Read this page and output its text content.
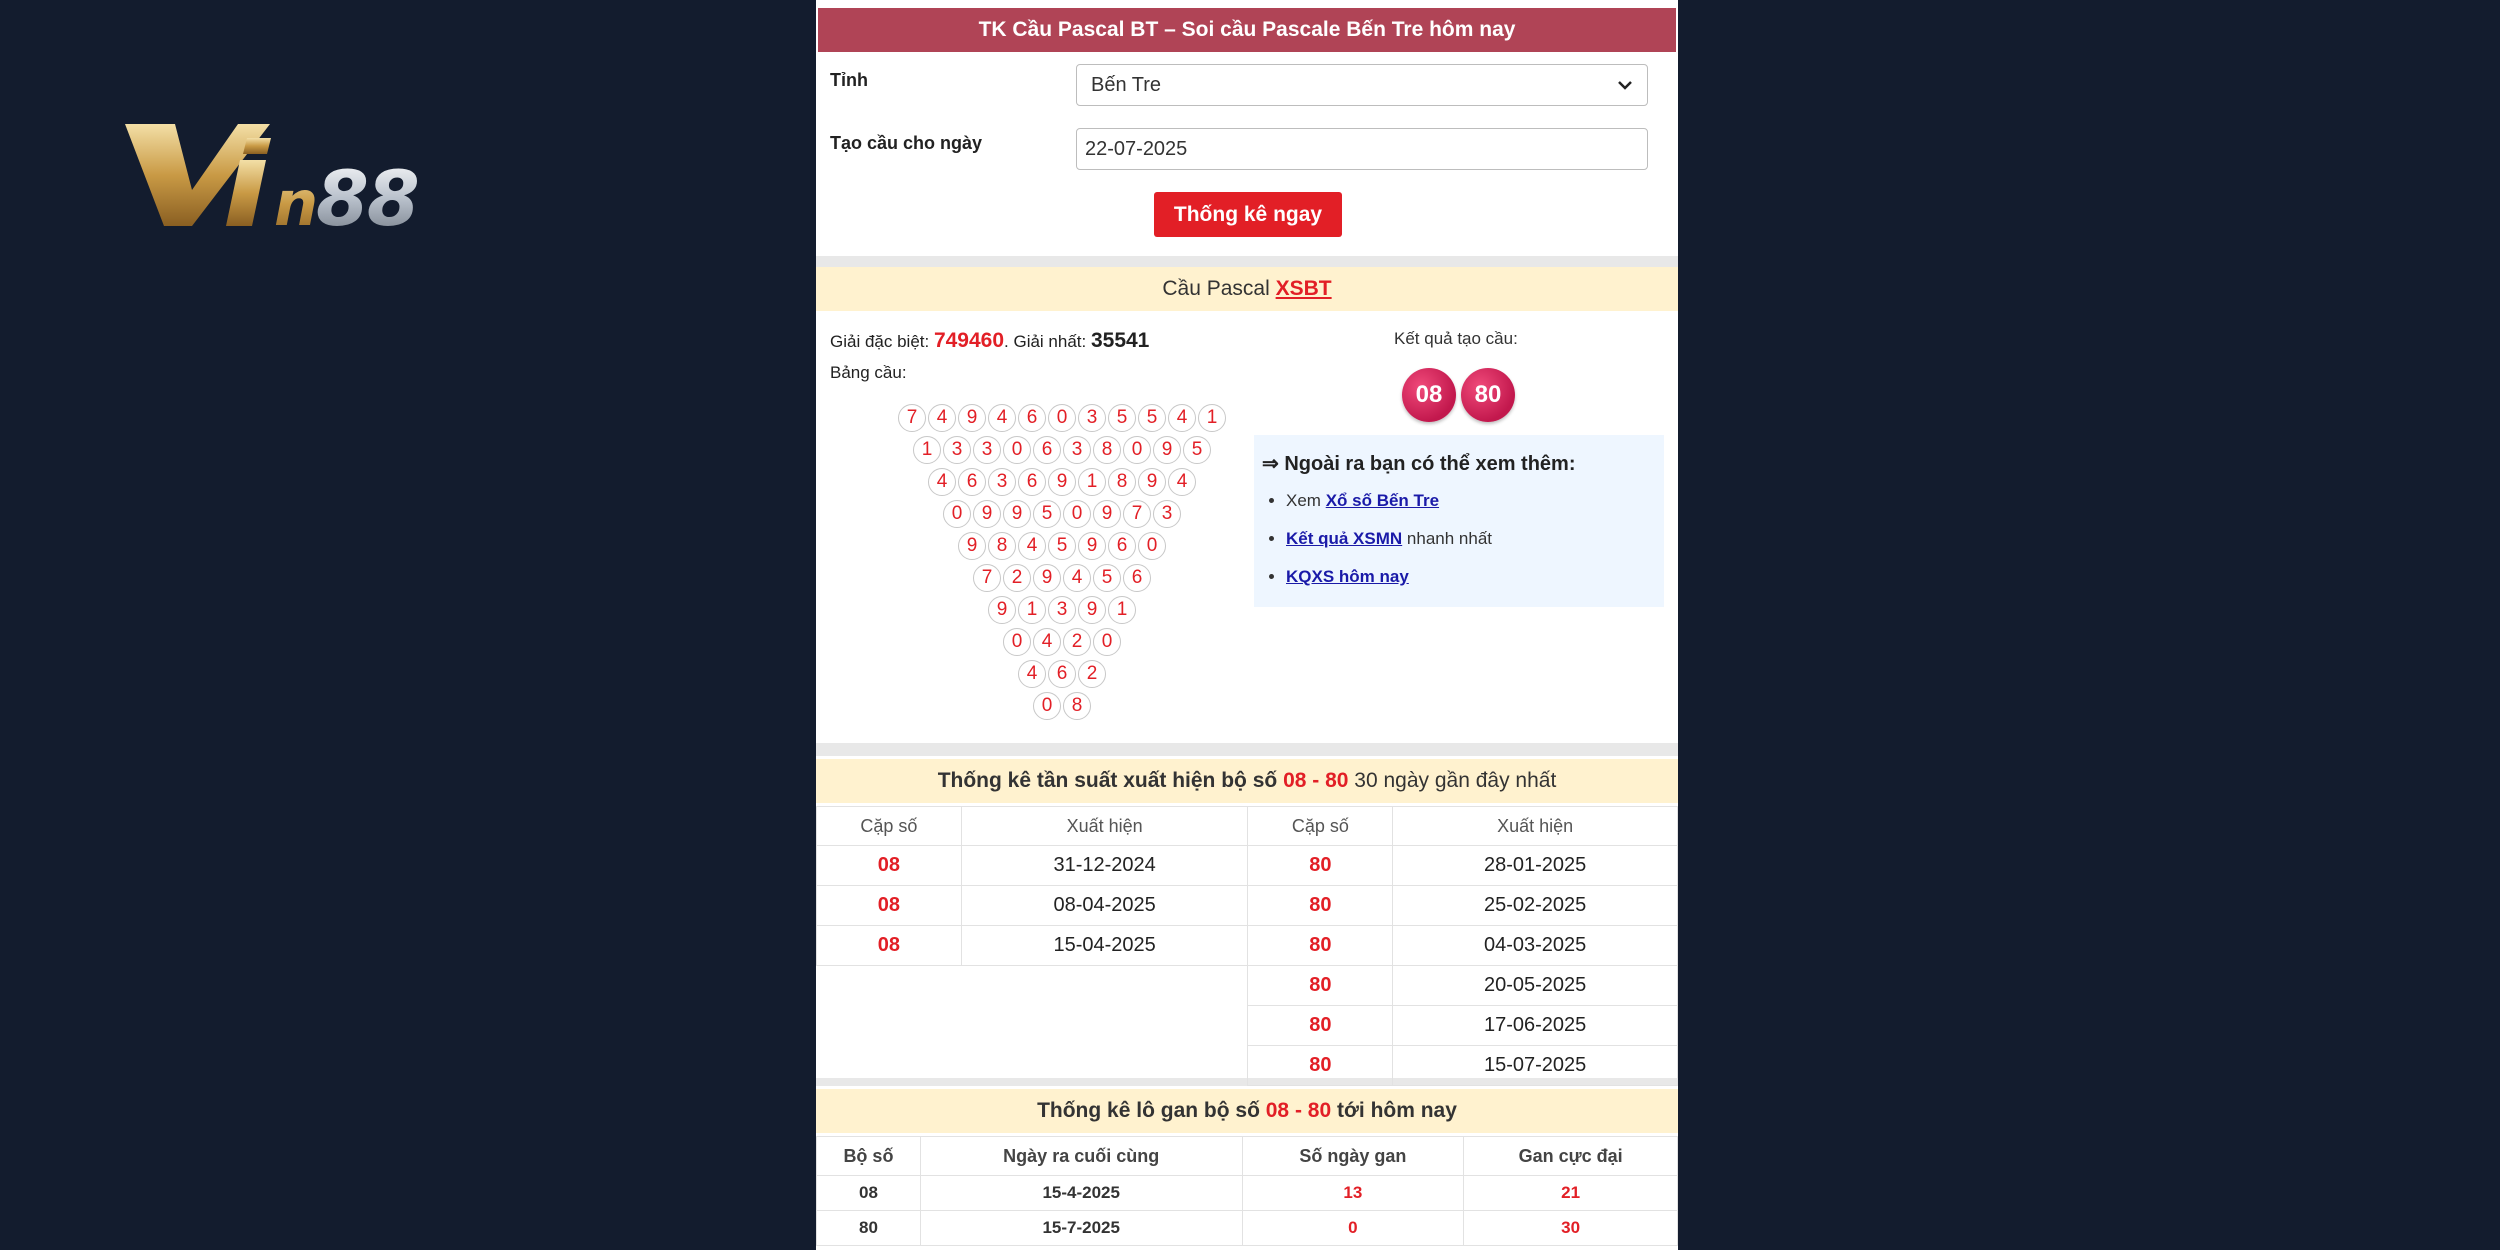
n
88
TK Cầu Pascal BT – Soi cầu Pascale Bến Tre hôm nay
Tỉnh	Bến Tre
Tạo cầu cho ngày	22-07-2025
Thống kê ngay
Cầu Pascal XSBT
Giải đặc biệt: 749460. Giải nhất: 35541
Bảng cầu:
7	4	9	4	6	0	3	5	5	4	1
1	3	3	0	6	3	8	0	9	5
4	6	3	6	9	1	8	9	4
0	9	9	5	0	9	7	3
9	8	4	5	9	6	0
7	2	9	4	5	6
9	1	3	9	1
0	4	2	0
4	6	2
0	8
Kết quả tạo cầu:
08	80
⇒ Ngoài ra bạn có thể xem thêm:
• Xem Xổ số Bến Tre
• Kết quả XSMN nhanh nhất
• KQXS hôm nay
Thống kê tần suất xuất hiện bộ số 08 - 80 30 ngày gần đây nhất
Cặp số	Xuất hiện	Cặp số	Xuất hiện
08	31-12-2024	80	28-01-2025
08	08-04-2025	80	25-02-2025
08	15-04-2025	80	04-03-2025
		80	20-05-2025
		80	17-06-2025
		80	15-07-2025
Thống kê lô gan bộ số 08 - 80 tới hôm nay
Bộ số	Ngày ra cuối cùng	Số ngày gan	Gan cực đại
08	15-4-2025	13	21
80	15-7-2025	0	30
